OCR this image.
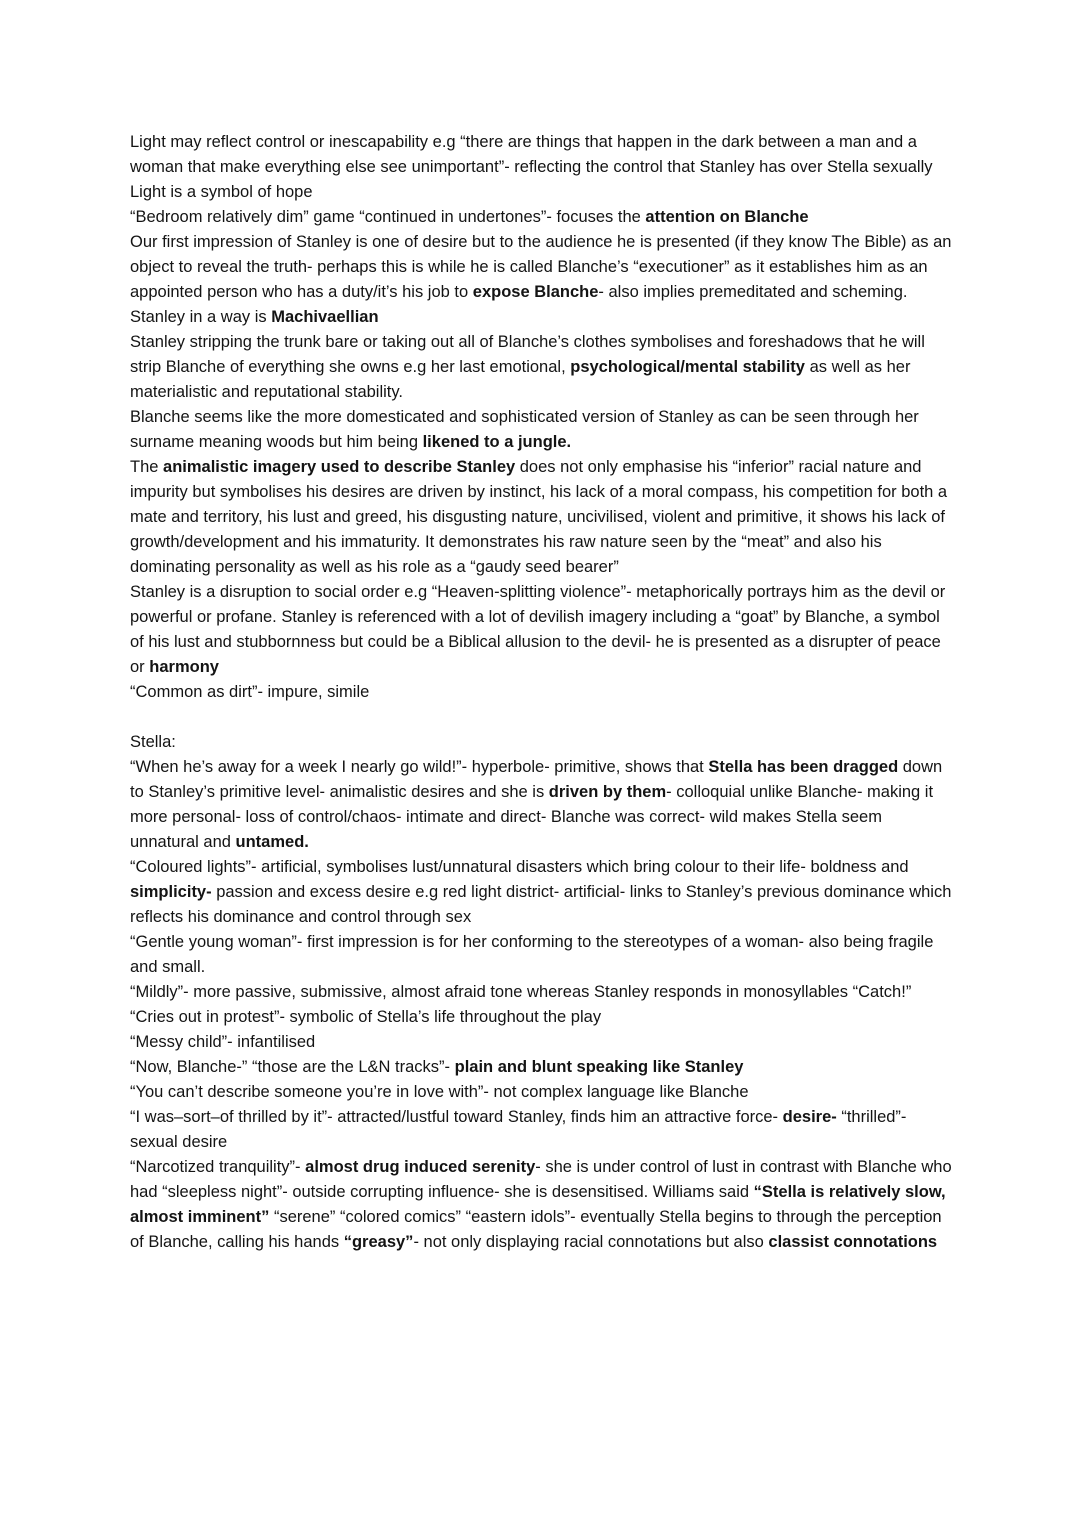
Light may reflect control or inescapability e.g “there are things that happen in the dark between a man and a woman that make everything else see unimportant”- reflecting the control that Stanley has over Stella sexually

Light is a symbol of hope

“Bedroom relatively dim” game “continued in undertones”- focuses the attention on Blanche

Our first impression of Stanley is one of desire but to the audience he is presented (if they know The Bible) as an object to reveal the truth- perhaps this is while he is called Blanche’s “executioner” as it establishes him as an appointed person who has a duty/it’s his job to expose Blanche- also implies premeditated and scheming.

Stanley in a way is Machivaellian

Stanley stripping the trunk bare or taking out all of Blanche’s clothes symbolises and foreshadows that he will strip Blanche of everything she owns e.g her last emotional, psychological/mental stability as well as her materialistic and reputational stability.

Blanche seems like the more domesticated and sophisticated version of Stanley as can be seen through her surname meaning woods but him being likened to a jungle.

The animalistic imagery used to describe Stanley does not only emphasise his “inferior” racial nature and impurity but symbolises his desires are driven by instinct, his lack of a moral compass, his competition for both a mate and territory, his lust and greed, his disgusting nature, uncivilised, violent and primitive, it shows his lack of growth/development and his immaturity. It demonstrates his raw nature seen by the “meat” and also his dominating personality as well as his role as a “gaudy seed bearer”

Stanley is a disruption to social order e.g “Heaven-splitting violence”- metaphorically portrays him as the devil or powerful or profane. Stanley is referenced with a lot of devilish imagery including a “goat” by Blanche, a symbol of his lust and stubbornness but could be a Biblical allusion to the devil- he is presented as a disrupter of peace or harmony

“Common as dirt”- impure, simile

Stella:

“When he’s away for a week I nearly go wild!”- hyperbole- primitive, shows that Stella has been dragged down to Stanley’s primitive level- animalistic desires and she is driven by them- colloquial unlike Blanche- making it more personal- loss of control/chaos- intimate and direct- Blanche was correct- wild makes Stella seem unnatural and untamed.

“Coloured lights”- artificial, symbolises lust/unnatural disasters which bring colour to their life- boldness and simplicity- passion and excess desire e.g red light district- artificial- links to Stanley’s previous dominance which reflects his dominance and control through sex

“Gentle young woman”- first impression is for her conforming to the stereotypes of a woman- also being fragile and small.

“Mildly”- more passive, submissive, almost afraid tone whereas Stanley responds in monosyllables “Catch!”

“Cries out in protest”- symbolic of Stella’s life throughout the play

“Messy child”- infantilised

“Now, Blanche-” “those are the L&N tracks”- plain and blunt speaking like Stanley

“You can’t describe someone you’re in love with”- not complex language like Blanche

“I was–sort–of thrilled by it”- attracted/lustful toward Stanley, finds him an attractive force- desire- “thrilled”- sexual desire

“Narcotized tranquility”- almost drug induced serenity- she is under control of lust in contrast with Blanche who had “sleepless night”- outside corrupting influence- she is desensitised. Williams said “Stella is relatively slow, almost imminent” “serene” “colored comics” “eastern idols”- eventually Stella begins to through the perception of Blanche, calling his hands “greasy”- not only displaying racial connotations but also classist connotations
